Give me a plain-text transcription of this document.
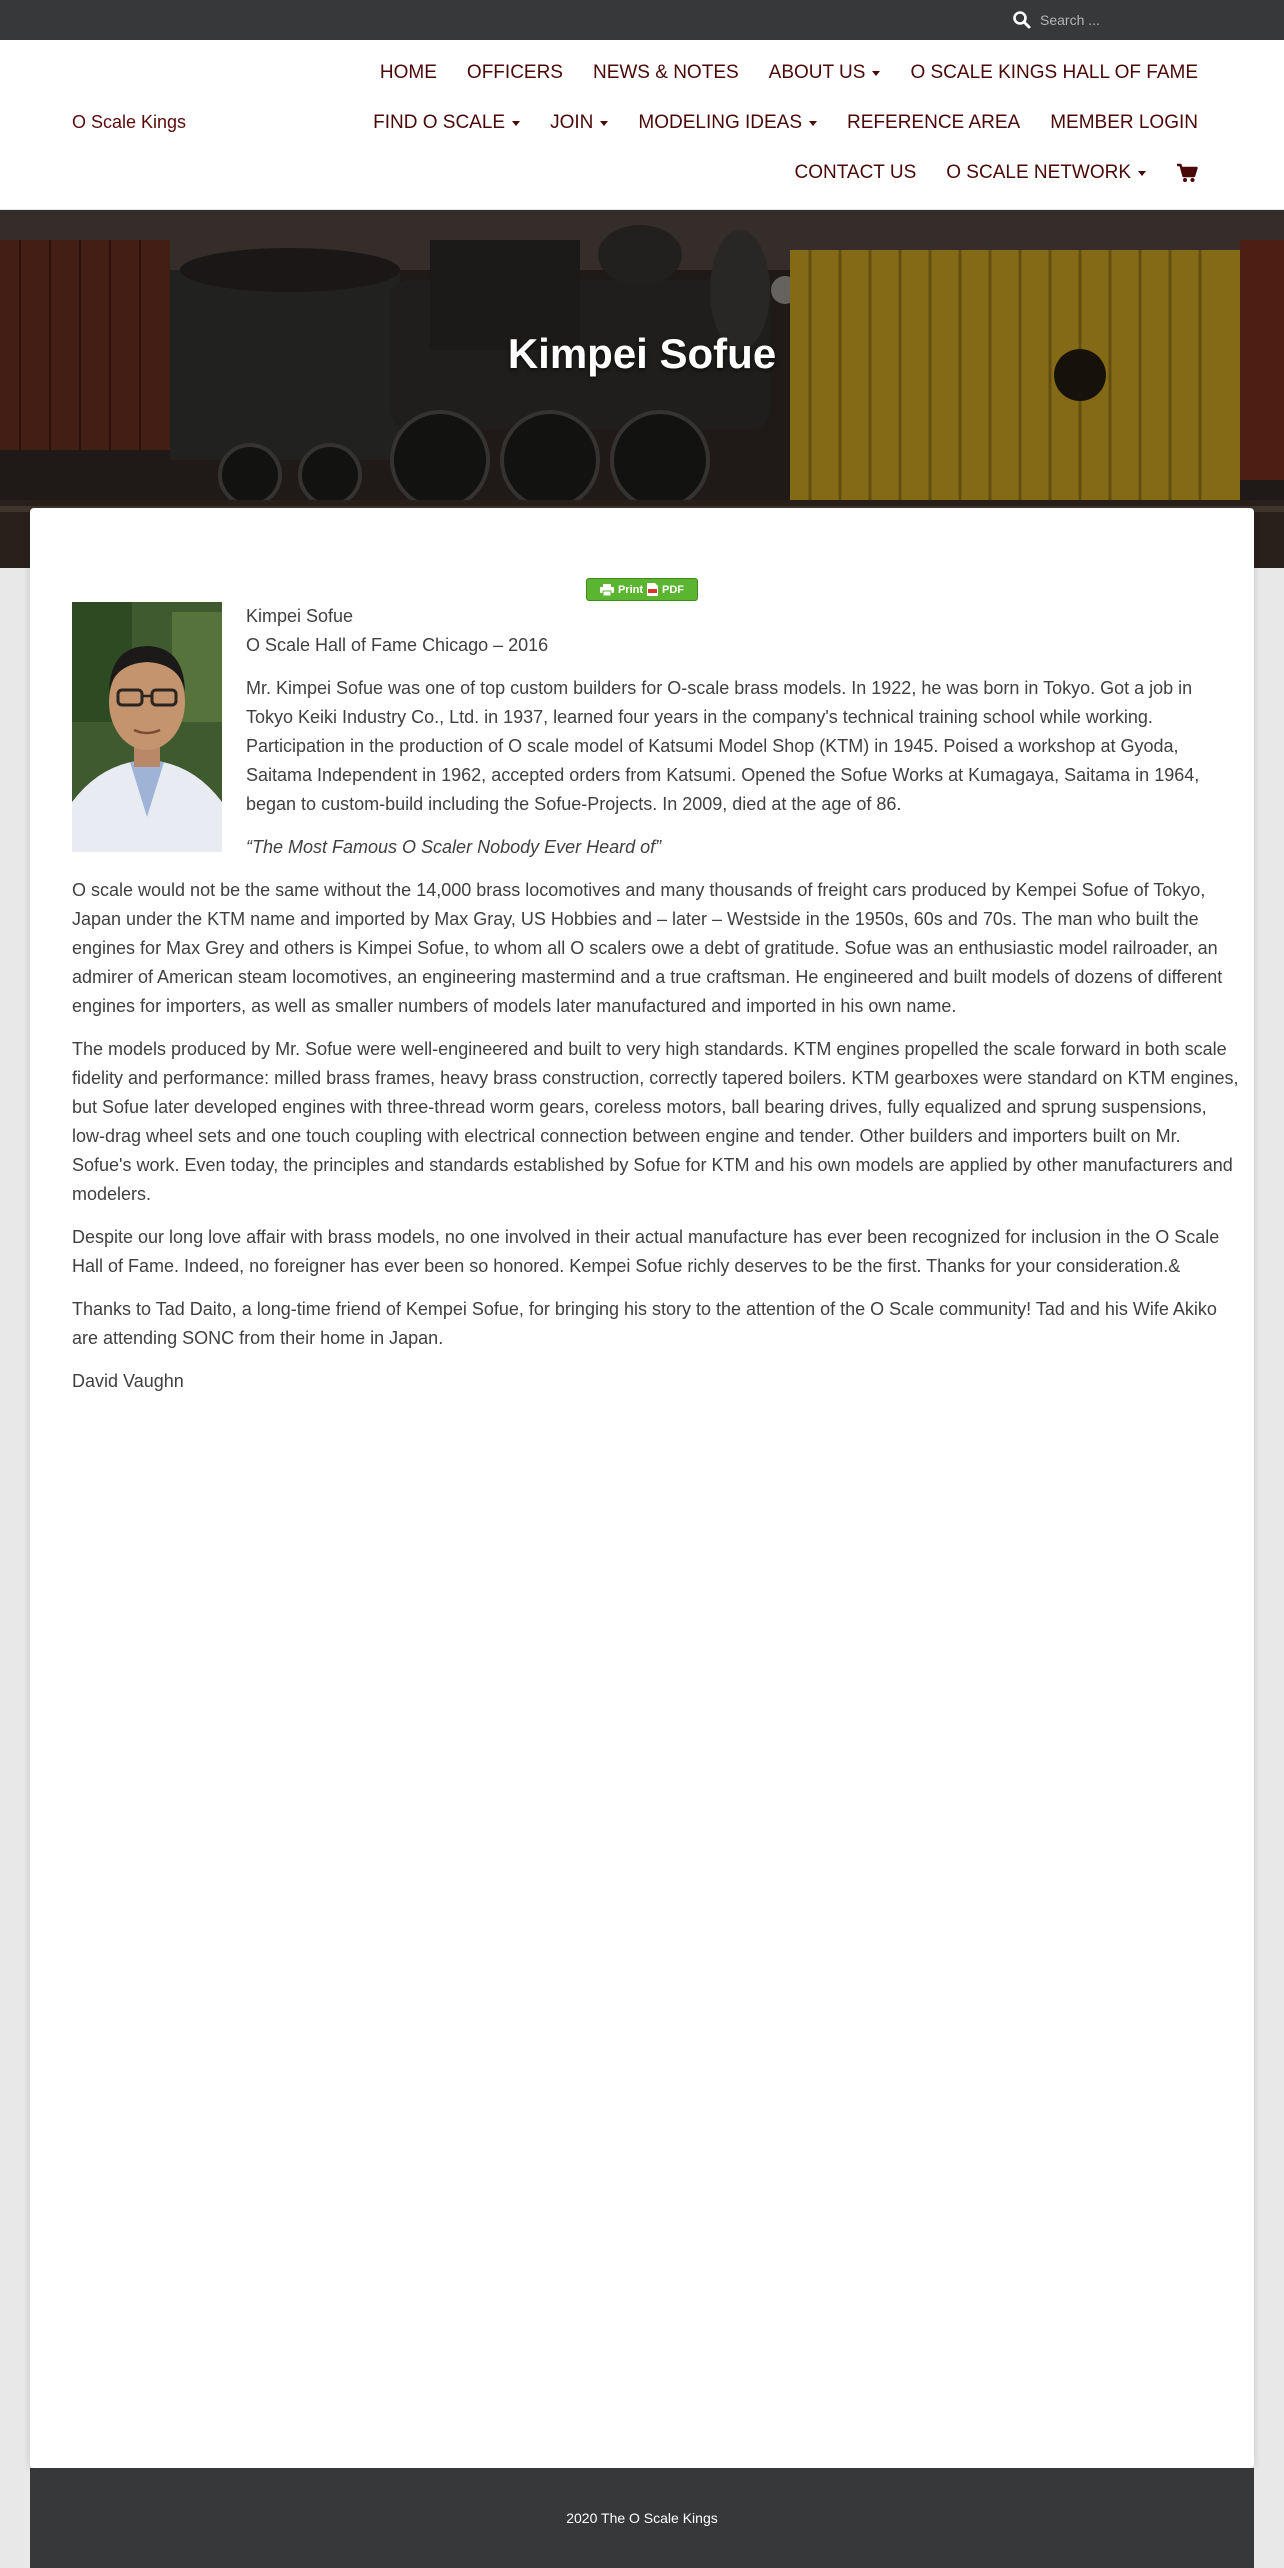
Search ...
O Scale Kings
HOME OFFICERS NEWS & NOTES ABOUT US O SCALE KINGS HALL OF FAME
FIND O SCALE JOIN MODELING IDEAS REFERENCE AREA MEMBER LOGIN
CONTACT US O SCALE NETWORK
Kimpei Sofue
Print PDF

Kimpei Sofue

O Scale Hall of Fame Chicago – 2016

Mr. Kimpei Sofue was one of top custom builders for O-scale brass models. In 1922, he was born in Tokyo. Got a job in Tokyo Keiki Industry Co., Ltd. in 1937, learned four years in the company's technical training school while working. Participation in the production of O scale model of Katsumi Model Shop (KTM) in 1945. Poised a workshop at Gyoda, Saitama Independent in 1962, accepted orders from Katsumi. Opened the Sofue Works at Kumagaya, Saitama in 1964, began to custom-build including the Sofue-Projects. In 2009, died at the age of 86.

“The Most Famous O Scaler Nobody Ever Heard of”

O scale would not be the same without the 14,000 brass locomotives and many thousands of freight cars produced by Kempei Sofue of Tokyo, Japan under the KTM name and imported by Max Gray, US Hobbies and – later – Westside in the 1950s, 60s and 70s. The man who built the engines for Max Grey and others is Kimpei Sofue, to whom all O scalers owe a debt of gratitude. Sofue was an enthusiastic model railroader, an admirer of American steam locomotives, an engineering mastermind and a true craftsman. He engineered and built models of dozens of different engines for importers, as well as smaller numbers of models later manufactured and imported in his own name.

The models produced by Mr. Sofue were well-engineered and built to very high standards. KTM engines propelled the scale forward in both scale fidelity and performance: milled brass frames, heavy brass construction, correctly tapered boilers. KTM gearboxes were standard on KTM engines, but Sofue later developed engines with three-thread worm gears, coreless motors, ball bearing drives, fully equalized and sprung suspensions, low-drag wheel sets and one touch coupling with electrical connection between engine and tender. Other builders and importers built on Mr. Sofue's work. Even today, the principles and standards established by Sofue for KTM and his own models are applied by other manufacturers and modelers.

Despite our long love affair with brass models, no one involved in their actual manufacture has ever been recognized for inclusion in the O Scale Hall of Fame. Indeed, no foreigner has ever been so honored. Kempei Sofue richly deserves to be the first. Thanks for your consideration.&

Thanks to Tad Daito, a long-time friend of Kempei Sofue, for bringing his story to the attention of the O Scale community! Tad and his Wife Akiko are attending SONC from their home in Japan.

David Vaughn

2020 The O Scale Kings
